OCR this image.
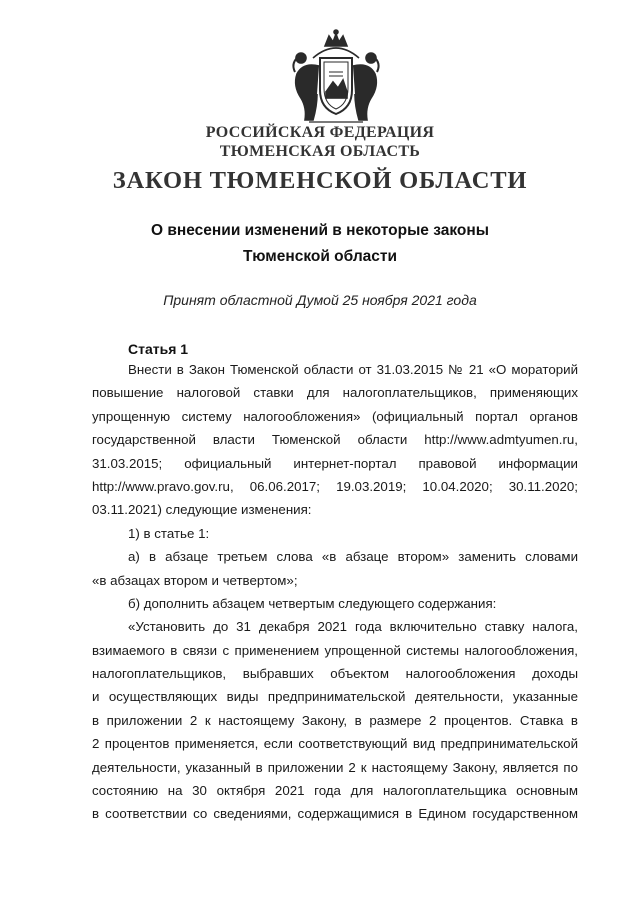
РОССИЙСКАЯ ФЕДЕРАЦИЯ
ТЮМЕНСКАЯ ОБЛАСТЬ
ЗАКОН ТЮМЕНСКОЙ ОБЛАСТИ
О внесении изменений в некоторые законы
Тюменской области
Принят областной Думой 25 ноября 2021 года
Статья 1
Внести в Закон Тюменской области от 31.03.2015 № 21 «О мораторий
повышение налоговой ставки для налогоплательщиков, применяющих
упрощенную систему налогообложения» (официальный портал органов
государственной власти Тюменской области http://www.admtyumen.ru,
31.03.2015; официальный интернет-портал правовой информации
http://www.pravo.gov.ru, 06.06.2017; 19.03.2019; 10.04.2020; 30.11.2020;
03.11.2021) следующие изменения:
1) в статье 1:
а) в абзаце третьем слова «в абзаце втором» заменить словами
«в абзацах втором и четвертом»;
б) дополнить абзацем четвертым следующего содержания:
«Установить до 31 декабря 2021 года включительно ставку налога,
взимаемого в связи с применением упрощенной системы налогообложения,
налогоплательщиков, выбравших объектом налогообложения доходы
и осуществляющих виды предпринимательской деятельности, указанные
в приложении 2 к настоящему Закону, в размере 2 процентов. Ставка в
2 процентов применяется, если соответствующий вид предпринимательской
деятельности, указанный в приложении 2 к настоящему Закону, является по
состоянию на 30 октября 2021 года для налогоплательщика основным
в соответствии со сведениями, содержащимися в Едином государственном
